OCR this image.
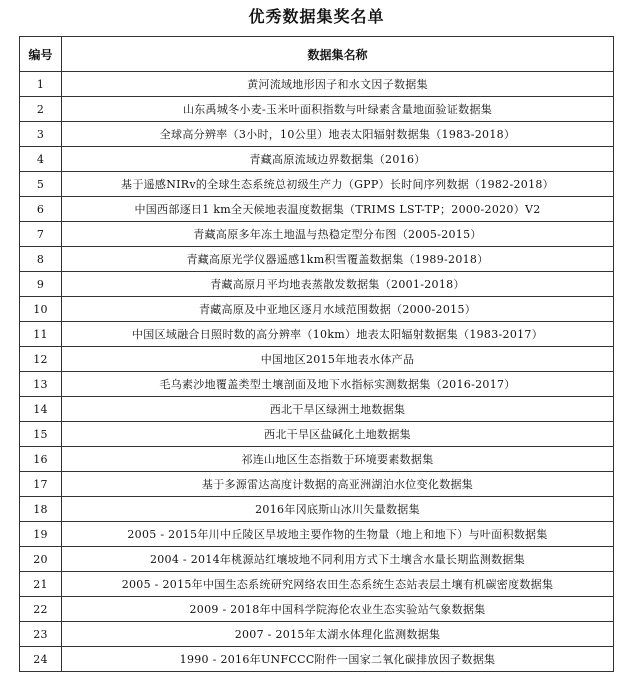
优秀数据集奖名单
编号	数据集名称
1	黄河流域地形因子和水文因子数据集
2	山东禹城冬小麦-玉米叶面积指数与叶绿素含量地面验证数据集
3	全球高分辨率（3小时，10公里）地表太阳辐射数据集（1983-2018）
4	青藏高原流域边界数据集（2016）
5	基于遥感NIRv的全球生态系统总初级生产力（GPP）长时间序列数据（1982-2018）
6	中国西部逐日1 km全天候地表温度数据集（TRIMS LST-TP；2000-2020）V2
7	青藏高原多年冻土地温与热稳定型分布图（2005-2015）
8	青藏高原光学仪器遥感1km积雪覆盖数据集（1989-2018）
9	青藏高原月平均地表蒸散发数据集（2001-2018）
10	青藏高原及中亚地区逐月水域范围数据（2000-2015）
11	中国区域融合日照时数的高分辨率（10km）地表太阳辐射数据集（1983-2017）
12	中国地区2015年地表水体产品
13	毛乌素沙地覆盖类型土壤剖面及地下水指标实测数据集（2016-2017）
14	西北干旱区绿洲土地数据集
15	西北干旱区盐碱化土地数据集
16	祁连山地区生态指数于环境要素数据集
17	基于多源雷达高度计数据的高亚洲湖泊水位变化数据集
18	2016年冈底斯山冰川矢量数据集
19	2005 - 2015年川中丘陵区旱坡地主要作物的生物量（地上和地下）与叶面积数据集
20	2004 - 2014年桃源站红壤坡地不同利用方式下土壤含水量长期监测数据集
21	2005 - 2015年中国生态系统研究网络农田生态系统生态站表层土壤有机碳密度数据集
22	2009 - 2018年中国科学院海伦农业生态实验站气象数据集
23	2007 - 2015年太湖水体理化监测数据集
24	1990 - 2016年UNFCCC附件一国家二氧化碳排放因子数据集
